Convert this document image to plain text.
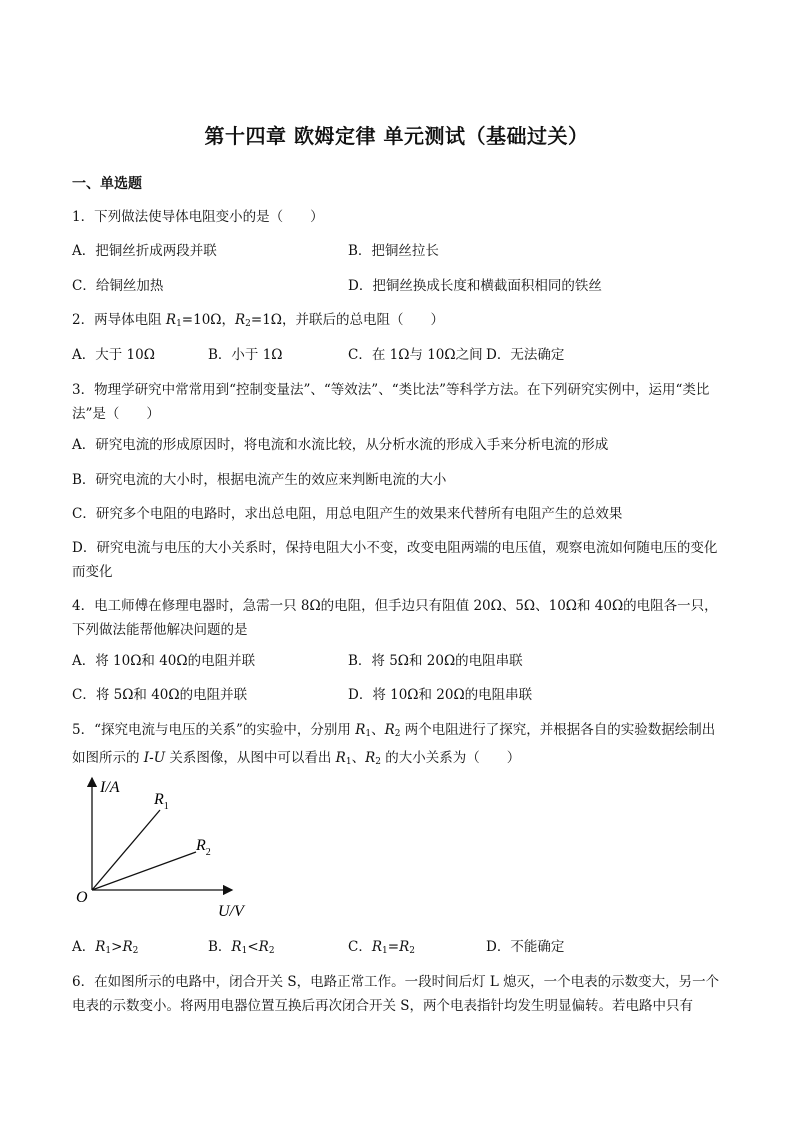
第十四章 欧姆定律 单元测试（基础过关）
一、单选题
1．下列做法使导体电阻变小的是（　　）
A．把铜丝折成两段并联	B．把铜丝拉长
C．给铜丝加热	D．把铜丝换成长度和横截面积相同的铁丝
2．两导体电阻 $R_1=10\Omega$，$R_2=1\Omega$，并联后的总电阻（　　）
A．大于 10Ω	B．小于 1Ω	C．在 1Ω与 10Ω之间 D．无法确定
3．物理学研究中常常用到“控制变量法”、“等效法”、“类比法”等科学方法。在下列研究实例中，运用“类比法”是（　　）
A．研究电流的形成原因时，将电流和水流比较，从分析水流的形成入手来分析电流的形成
B．研究电流的大小时，根据电流产生的效应来判断电流的大小
C．研究多个电阻的电路时，求出总电阻，用总电阻产生的效果来代替所有电阻产生的总效果
D．研究电流与电压的大小关系时，保持电阻大小不变，改变电阻两端的电压值，观察电流如何随电压的变化而变化
4．电工师傅在修理电器时，急需一只 8Ω的电阻，但手边只有阻值 20Ω、5Ω、10Ω和 40Ω的电阻各一只，下列做法能帮他解决问题的是
A．将 10Ω和 40Ω的电阻并联	B．将 5Ω和 20Ω的电阻串联
C．将 5Ω和 40Ω的电阻并联	D．将 10Ω和 20Ω的电阻串联
5．“探究电流与电压的关系”的实验中，分别用 $R_1$、$R_2$ 两个电阻进行了探究，并根据各自的实验数据绘制出如图所示的 I-U 关系图像，从图中可以看出 $R_1$、$R_2$ 的大小关系为（　　）
I/A
U/V
O
$R_1$
$R_2$
A．$R_1>R_2$	B．$R_1<R_2$	C．$R_1=R_2$	D．不能确定
6．在如图所示的电路中，闭合开关 S，电路正常工作。一段时间后灯 L 熄灭，一个电表的示数变大，另一个电表的示数变小。将两用电器位置互换后再次闭合开关 S，两个电表指针均发生明显偏转。若电路中只有
